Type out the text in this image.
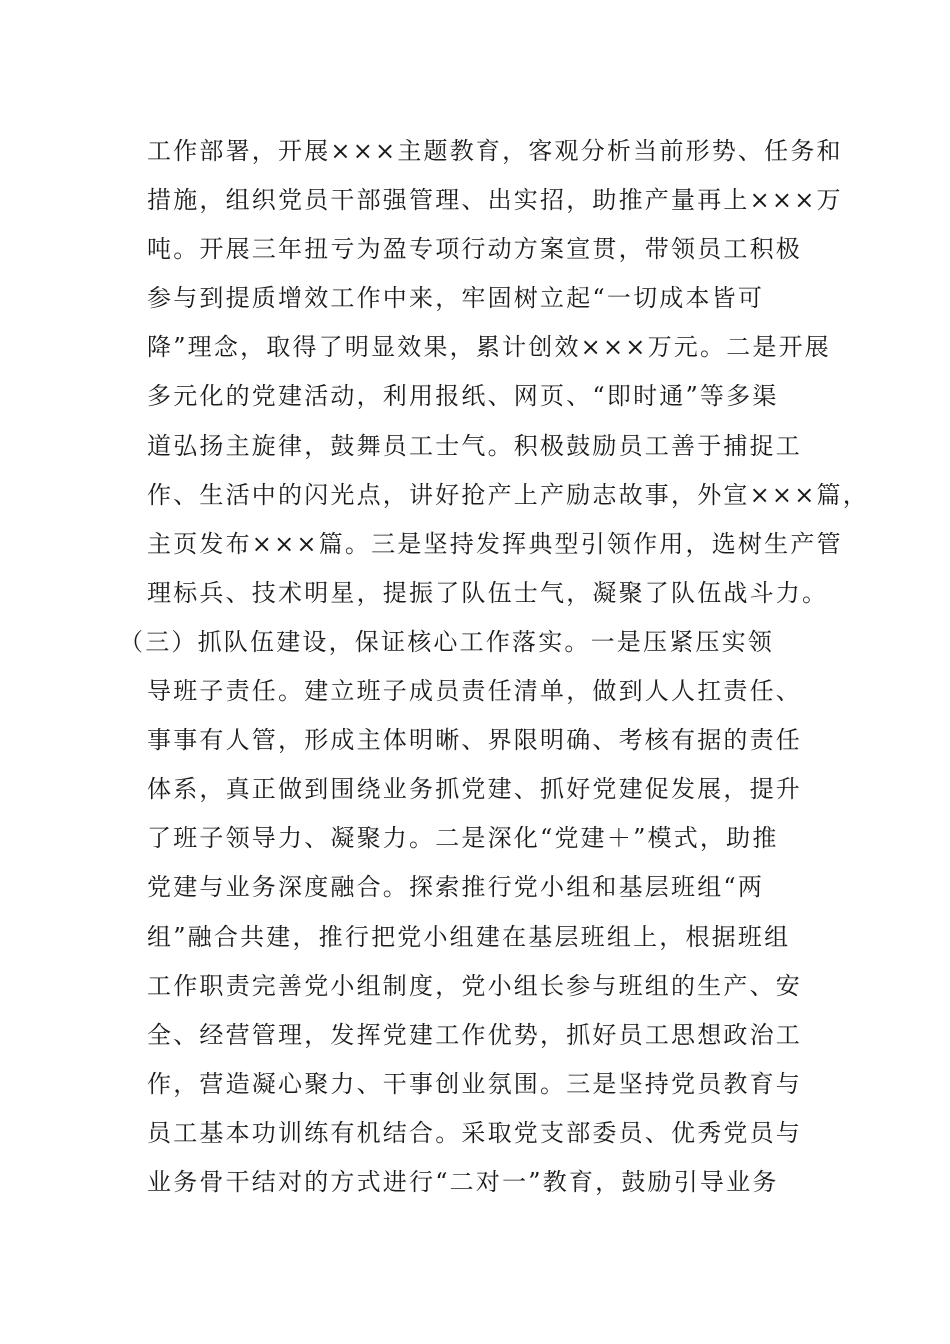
工作部署，开展×××主题教育，客观分析当前形势、任务和
措施，组织党员干部强管理、出实招，助推产量再上×××万
吨。开展三年扭亏为盈专项行动方案宣贯，带领员工积极
参与到提质增效工作中来，牢固树立起“一切成本皆可
降”理念，取得了明显效果，累计创效×××万元。二是开展
多元化的党建活动，利用报纸、网页、“即时通”等多渠
道弘扬主旋律，鼓舞员工士气。积极鼓励员工善于捕捉工
作、生活中的闪光点，讲好抢产上产励志故事，外宣×××篇，
主页发布×××篇。三是坚持发挥典型引领作用，选树生产管
理标兵、技术明星，提振了队伍士气，凝聚了队伍战斗力。
（三）抓队伍建设，保证核心工作落实。一是压紧压实领
导班子责任。建立班子成员责任清单，做到人人扛责任、
事事有人管，形成主体明晰、界限明确、考核有据的责任
体系，真正做到围绕业务抓党建、抓好党建促发展，提升
了班子领导力、凝聚力。二是深化“党建＋”模式，助推
党建与业务深度融合。探索推行党小组和基层班组“两
组”融合共建，推行把党小组建在基层班组上，根据班组
工作职责完善党小组制度，党小组长参与班组的生产、安
全、经营管理，发挥党建工作优势，抓好员工思想政治工
作，营造凝心聚力、干事创业氛围。三是坚持党员教育与
员工基本功训练有机结合。采取党支部委员、优秀党员与
业务骨干结对的方式进行“二对一”教育，鼓励引导业务
